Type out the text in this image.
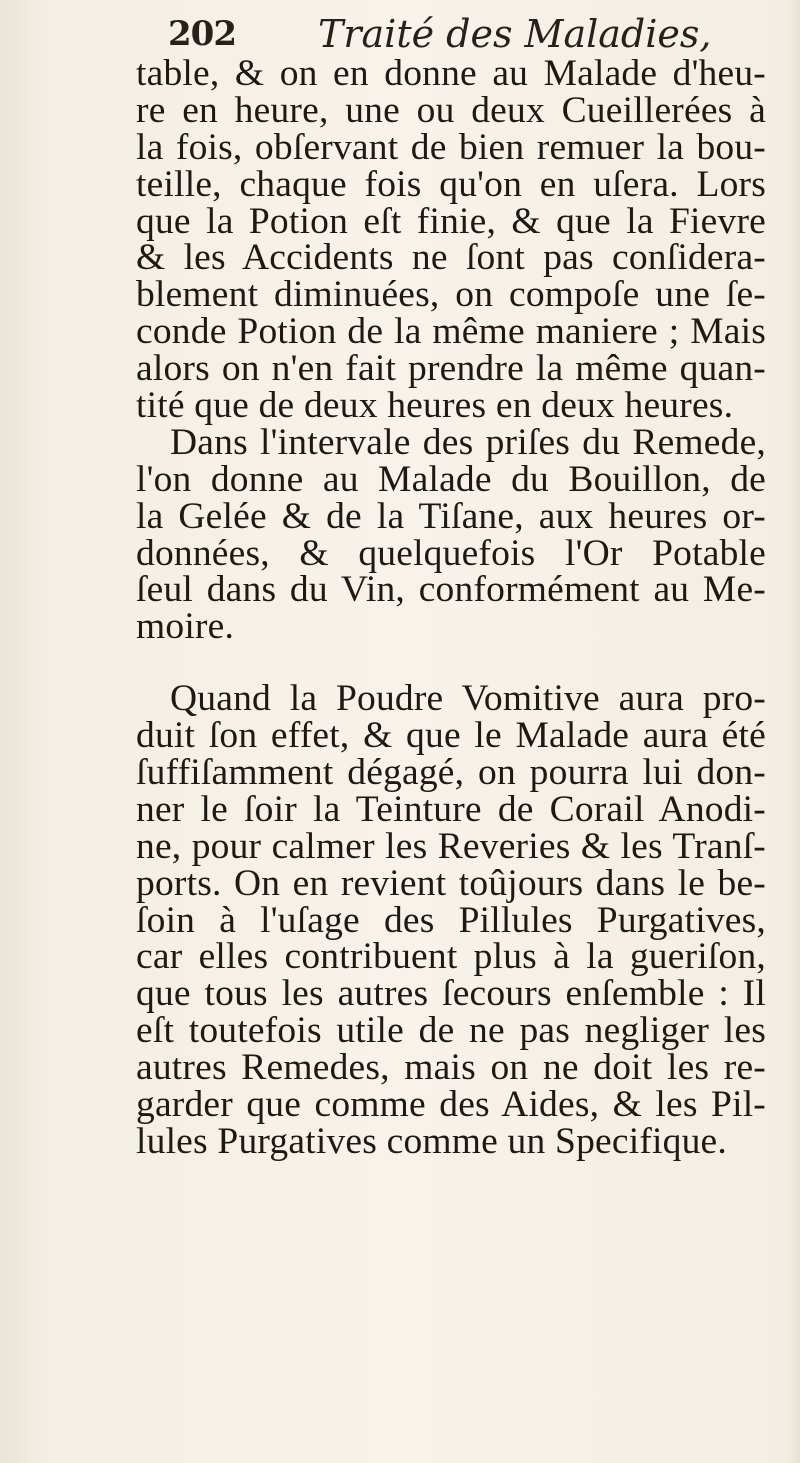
202 Traité des Maladies,
table, & on en donne au Malade d'heu-
re en heure, une ou deux Cueillerées à
la fois, obſervant de bien remuer la bou-
teille, chaque fois qu'on en uſera. Lors
que la Potion eſt finie, & que la Fievre
& les Accidents ne ſont pas conſidera-
blement diminuées, on compoſe une ſe-
conde Potion de la même maniere ; Mais
alors on n'en fait prendre la même quan-
tité que de deux heures en deux heures.
Dans l'intervale des priſes du Remede,
l'on donne au Malade du Bouillon, de
la Gelée & de la Tiſane, aux heures or-
données, & quelquefois l'Or Potable
ſeul dans du Vin, conformément au Me-
moire.
Quand la Poudre Vomitive aura pro-
duit ſon effet, & que le Malade aura été
ſuffiſamment dégagé, on pourra lui don-
ner le ſoir la Teinture de Corail Anodi-
ne, pour calmer les Reveries & les Tranſ-
ports. On en revient toûjours dans le be-
ſoin à l'uſage des Pillules Purgatives,
car elles contribuent plus à la gueriſon,
que tous les autres ſecours enſemble : Il
eſt toutefois utile de ne pas negliger les
autres Remedes, mais on ne doit les re-
garder que comme des Aides, & les Pil-
lules Purgatives comme un Specifique.
